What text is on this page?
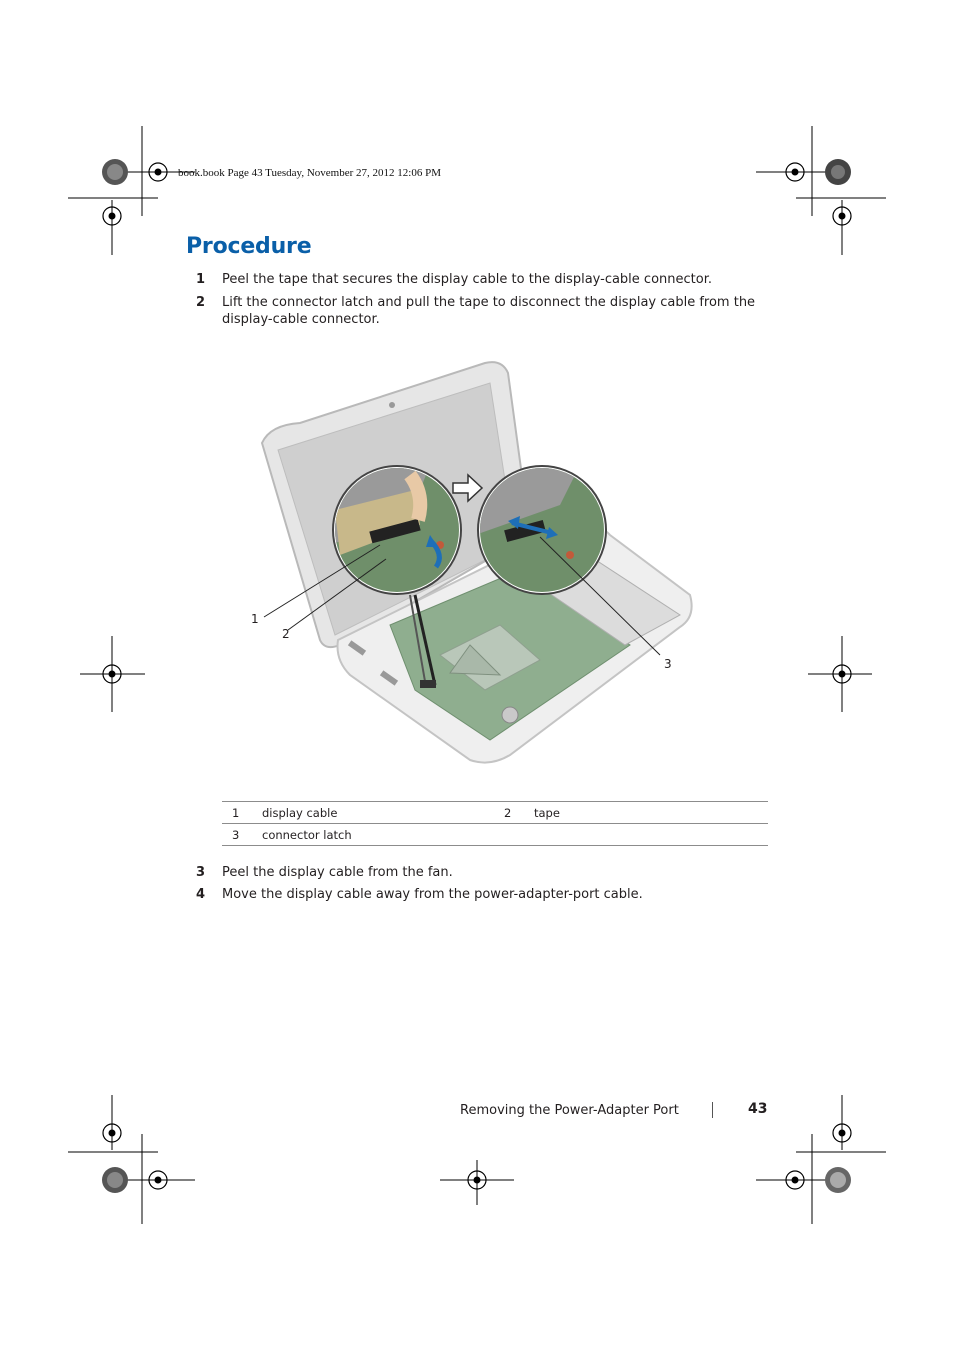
book.book Page 43 Tuesday, November 27, 2012 12:06 PM
Procedure
1 Peel the tape that secures the display cable to the display-cable connector.
2 Lift the connector latch and pull the tape to disconnect the display cable from the display-cable connector.
1
2
3
1	display cable	2	tape
3	connector latch		
3 Peel the display cable from the fan.
4 Move the display cable away from the power-adapter-port cable.
Removing the Power-Adapter Port	43
